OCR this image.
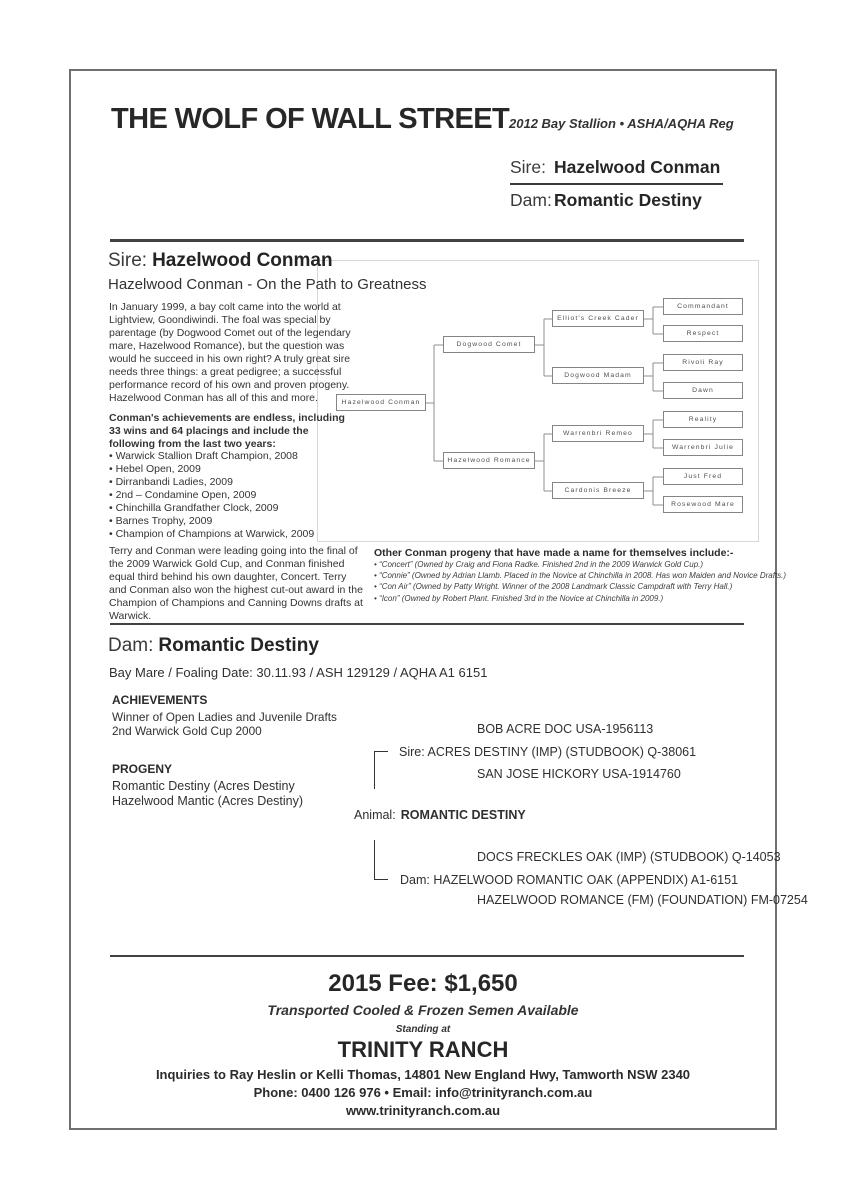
THE WOLF OF WALL STREET 2012 Bay Stallion • ASHA/AQHA Reg
Sire: Hazelwood Conman
Dam: Romantic Destiny
Hazelwood Conman
Dogwood Comet
Hazelwood Romance
Elliot's Creek Cader
Dogwood Madam
Warrenbri Remeo
Cardonis Breeze
Commandant
Respect
Rivoli Ray
Dawn
Reality
Warrenbri Julie
Just Fred
Rosewood Mare
Sire: Hazelwood Conman
Hazelwood Conman - On the Path to Greatness
In January 1999, a bay colt came into the world at Lightview, Goondiwindi. The foal was special by parentage (by Dogwood Comet out of the legendary mare, Hazelwood Romance), but the question was would he succeed in his own right? A truly great sire needs three things: a great pedigree; a successful performance record of his own and proven progeny. Hazelwood Conman has all of this and more.
Conman's achievements are endless, including 33 wins and 64 placings and include the following from the last two years:
• Warwick Stallion Draft Champion, 2008
• Hebel Open, 2009
• Dirranbandi Ladies, 2009
• 2nd – Condamine Open, 2009
• Chinchilla Grandfather Clock, 2009
• Barnes Trophy, 2009
• Champion of Champions at Warwick, 2009
Terry and Conman were leading going into the final of the 2009 Warwick Gold Cup, and Conman finished equal third behind his own daughter, Concert. Terry and Conman also won the highest cut-out award in the Champion of Champions and Canning Downs drafts at Warwick.
Other Conman progeny that have made a name for themselves include:-
• “Concert” (Owned by Craig and Fiona Radke. Finished 2nd in the 2009 Warwick Gold Cup.)
• “Connie” (Owned by Adrian Llamb. Placed in the Novice at Chinchilla in 2008. Has won Maiden and Novice Drafts.)
• “Con Air” (Owned by Patty Wright. Winner of the 2008 Landmark Classic Campdraft with Terry Hall.)
• “Icon” (Owned by Robert Plant. Finished 3rd in the Novice at Chinchilla in 2009.)
Dam: Romantic Destiny
Bay Mare / Foaling Date: 30.11.93 / ASH 129129 / AQHA A1 6151
ACHIEVEMENTS
Winner of Open Ladies and Juvenile Drafts
2nd Warwick Gold Cup 2000
PROGENY
Romantic Destiny (Acres Destiny
Hazelwood Mantic (Acres Destiny)
BOB ACRE DOC USA-1956113
Sire: ACRES DESTINY (IMP) (STUDBOOK) Q-38061
SAN JOSE HICKORY USA-1914760
Animal: ROMANTIC DESTINY
DOCS FRECKLES OAK (IMP) (STUDBOOK) Q-14053
Dam: HAZELWOOD ROMANTIC OAK (APPENDIX) A1-6151
HAZELWOOD ROMANCE (FM) (FOUNDATION) FM-07254
2015 Fee: $1,650
Transported Cooled & Frozen Semen Available
Standing at
TRINITY RANCH
Inquiries to Ray Heslin or Kelli Thomas, 14801 New England Hwy, Tamworth NSW 2340
Phone: 0400 126 976 • Email: info@trinityranch.com.au
www.trinityranch.com.au
